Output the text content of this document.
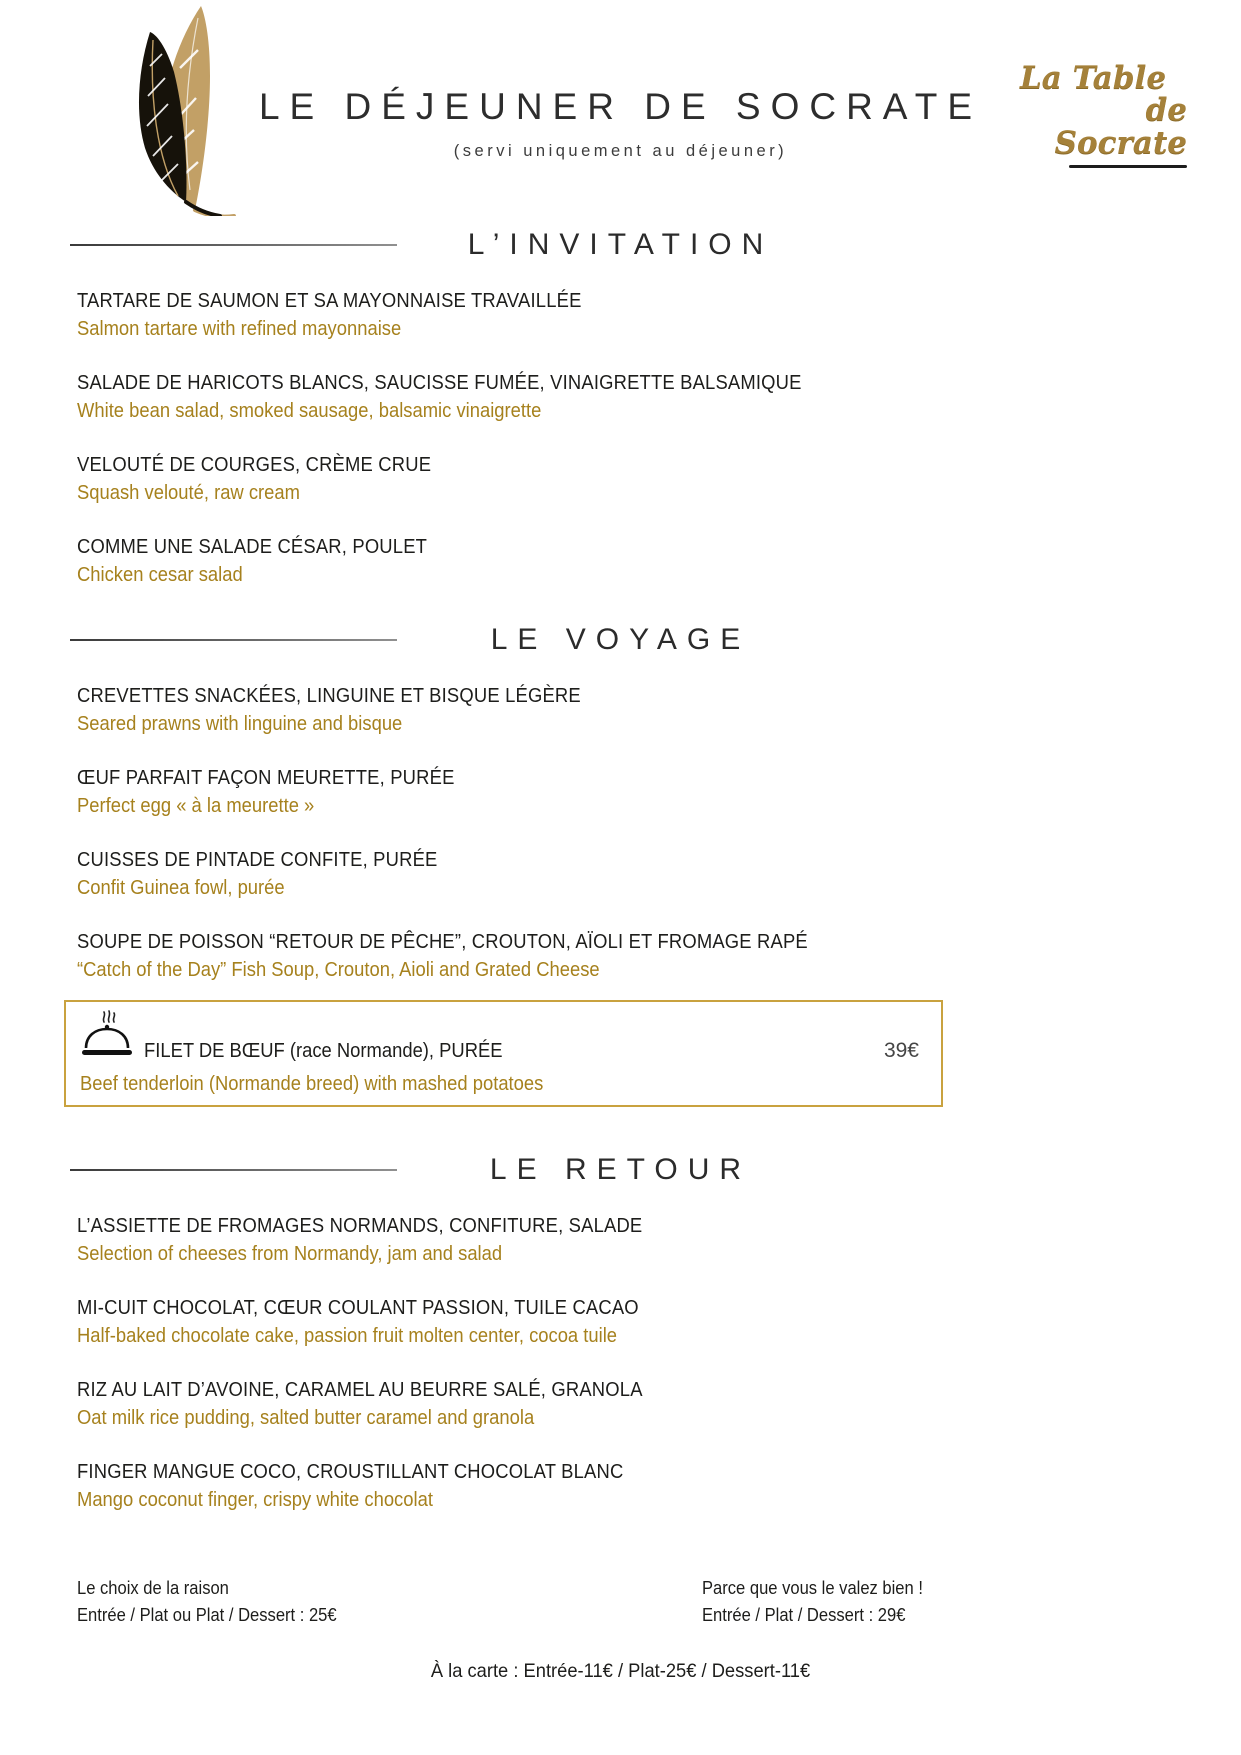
LE DÉJEUNER DE SOCRATE
(servi uniquement au déjeuner)
La Table
de Socrate
L’INVITATION
TARTARE DE SAUMON ET SA MAYONNAISE TRAVAILLÉE
Salmon tartare with refined mayonnaise
SALADE DE HARICOTS BLANCS, SAUCISSE FUMÉE, VINAIGRETTE BALSAMIQUE
White bean salad, smoked sausage, balsamic vinaigrette
VELOUTÉ DE COURGES, CRÈME CRUE
Squash velouté, raw cream
COMME UNE SALADE CÉSAR, POULET
Chicken cesar salad
LE VOYAGE
CREVETTES SNACKÉES, LINGUINE ET BISQUE LÉGÈRE
Seared prawns with linguine and bisque
ŒUF PARFAIT FAÇON MEURETTE, PURÉE
Perfect egg « à la meurette »
CUISSES DE PINTADE CONFITE, PURÉE
Confit Guinea fowl, purée
SOUPE DE POISSON “RETOUR DE PÊCHE”, CROUTON, AÏOLI ET FROMAGE RAPÉ
“Catch of the Day” Fish Soup, Crouton, Aioli and Grated Cheese
FILET DE BŒUF (race Normande), PURÉE	39€
Beef tenderloin (Normande breed) with mashed potatoes
LE RETOUR
L’ASSIETTE DE FROMAGES NORMANDS, CONFITURE, SALADE
Selection of cheeses from Normandy, jam and salad
MI-CUIT CHOCOLAT, CŒUR COULANT PASSION, TUILE CACAO
Half-baked chocolate cake, passion fruit molten center, cocoa tuile
RIZ AU LAIT D’AVOINE, CARAMEL AU BEURRE SALÉ, GRANOLA
Oat milk rice pudding, salted butter caramel and granola
FINGER MANGUE COCO, CROUSTILLANT CHOCOLAT BLANC
Mango coconut finger, crispy white chocolat
Le choix de la raison
Entrée / Plat ou Plat / Dessert : 25€
Parce que vous le valez bien !
Entrée / Plat / Dessert : 29€
À la carte : Entrée-11€ / Plat-25€ / Dessert-11€
